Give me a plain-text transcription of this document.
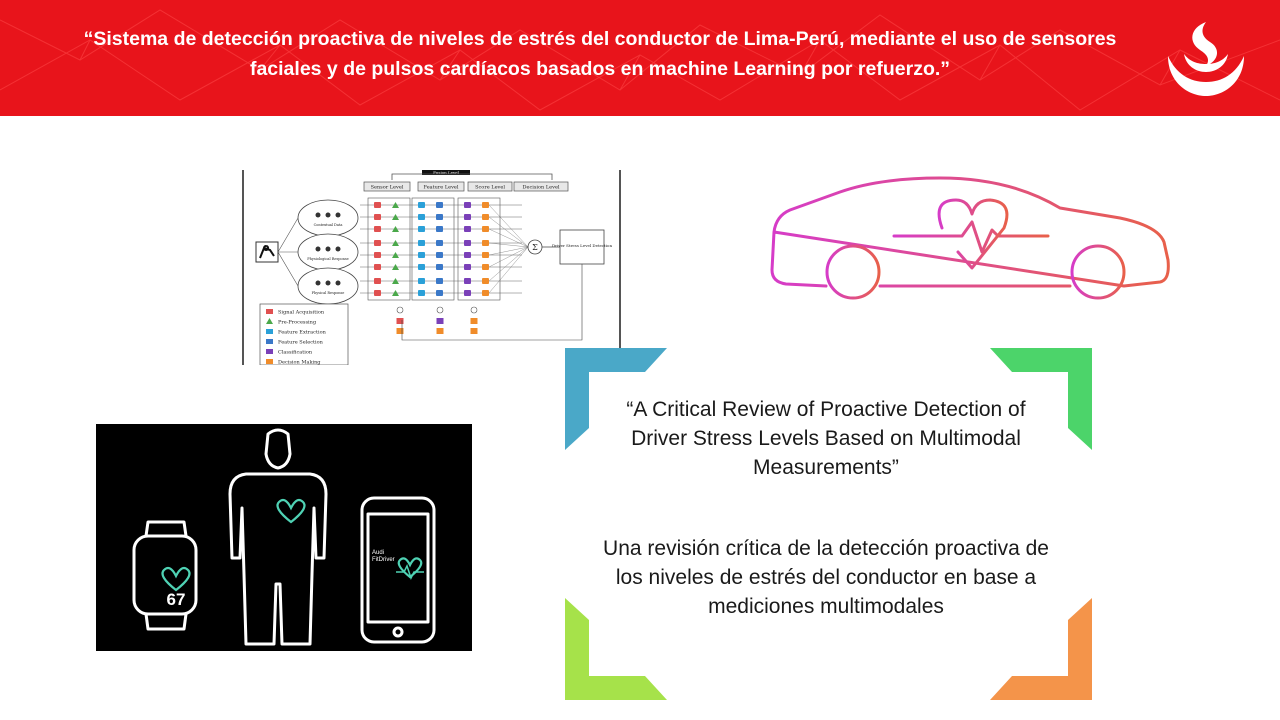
“Sistema de detección proactiva de niveles de estrés del conductor de Lima-Perú, mediante el uso de sensores faciales y de pulsos cardíacos basados en machine Learning por refuerzo.”
Fusion Level
Sensor Level	Feature Level	Score Level	Decision Level
Contextual Data
Physiological Response
Physical Response
Σ	Driver Stress Level Detection
Signal Acquisition
Pre-Processing
Feature Extraction
Feature Selection
Classification
Decision Making
67
Audi
FitDriver
“A Critical Review of Proactive Detection of Driver Stress Levels Based on Multimodal Measurements”
Una revisión crítica de la detección proactiva de los niveles de estrés del conductor en base a mediciones multimodales
